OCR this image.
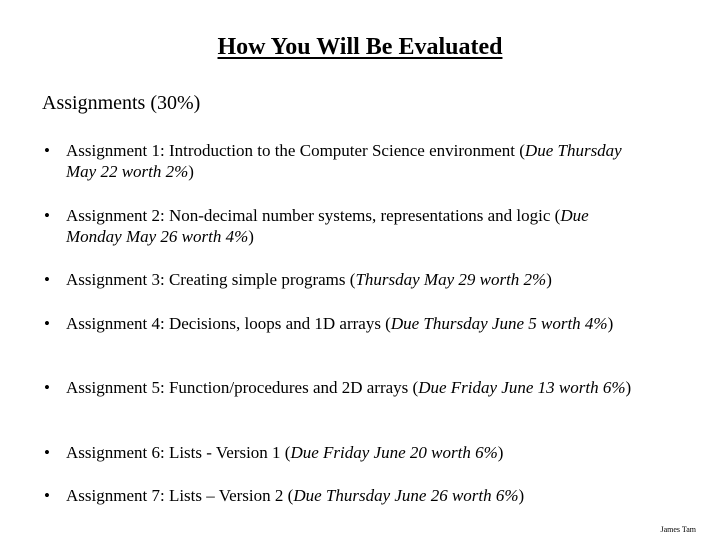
How You Will Be Evaluated
Assignments (30%)
• Assignment 1: Introduction to the Computer Science environment (Due Thursday May 22 worth 2%)
• Assignment 2: Non-decimal number systems, representations and logic (Due Monday May 26 worth 4%)
• Assignment 3: Creating simple programs (Thursday May 29 worth 2%)
• Assignment 4: Decisions, loops and 1D arrays (Due Thursday June 5 worth 4%)
• Assignment 5: Function/procedures and 2D arrays (Due Friday June 13 worth 6%)
• Assignment 6: Lists - Version 1 (Due Friday June 20 worth 6%)
• Assignment 7: Lists – Version 2 (Due Thursday June 26 worth 6%)
James Tam
